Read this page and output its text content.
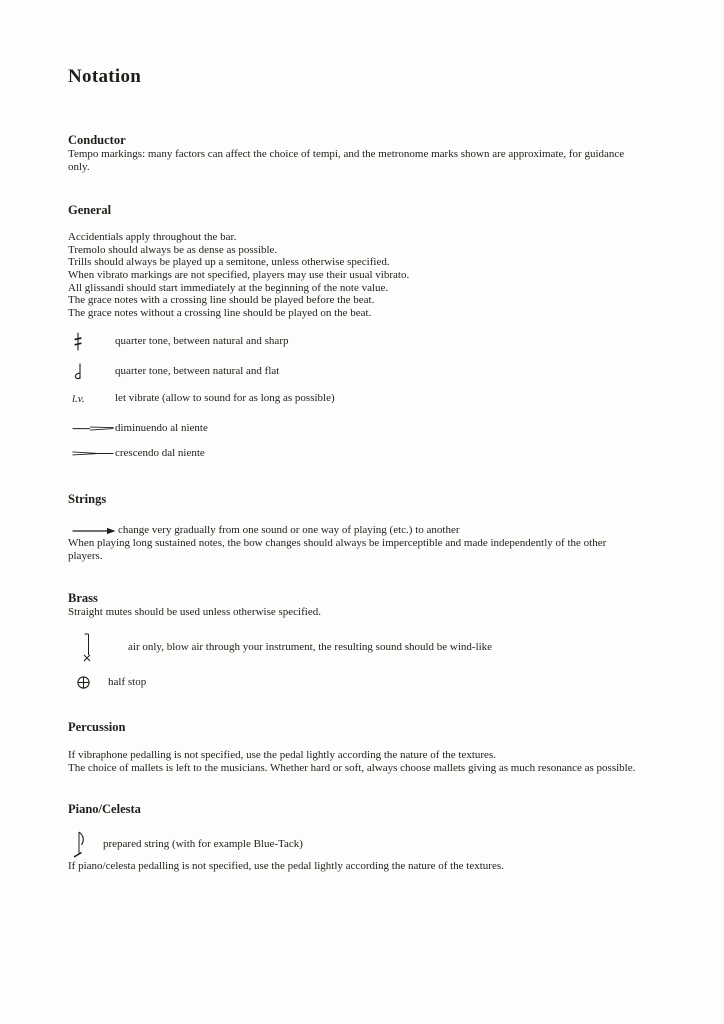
Notation
Conductor

Tempo markings: many factors can affect the choice of tempi, and the metronome marks shown are approximate, for guidance only.

General
Accidentials apply throughout the bar.
Tremolo should always be as dense as possible.
Trills should always be played up a semitone, unless otherwise specified.
When vibrato markings are not specified, players may use their usual vibrato.
All glissandi should start immediately at the beginning of the note value.
The grace notes with a crossing line should be played before the beat.
The grace notes without a crossing line should be played on the beat.
quarter tone, between natural and sharp
quarter tone, between natural and flat
l.v.	let vibrate (allow to sound for as long as possible)
diminuendo al niente
crescendo dal niente
Strings
change very gradually from one sound or one way of playing (etc.) to another

When playing long sustained notes, the bow changes should always be imperceptible and made independently of the other players.

Brass

Straight mutes should be used unless otherwise specified.

air only, blow air through your instrument, the resulting sound should be wind-like
half stop
Percussion
If vibraphone pedalling is not specified, use the pedal lightly according the nature of the textures.
The choice of mallets is left to the musicians. Whether hard or soft, always choose mallets giving as much resonance as possible.
Piano/Celesta
prepared string (with for example Blue-Tack)

If piano/celesta pedalling is not specified, use the pedal lightly according the nature of the textures.
